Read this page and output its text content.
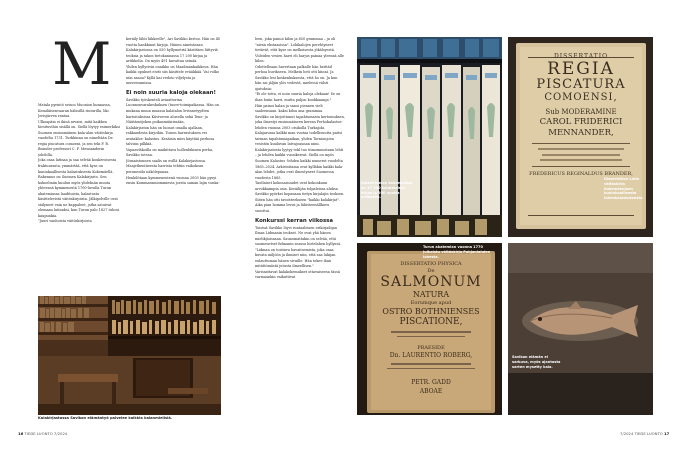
M

Matala pyrintö seisoo Muonion kunnassa, Kemiläisenvaaran hälssillä riuturilla, liki Jerisjärven rantaa.

Ulkoapäin ei ikinä arvaisi, mitä kaikkea hirsituvihin sisällä on. Siellä löytyy esimerkiksi Suomen ensimmäinen kala-alan väitöskirja vuodelta 1731. Turkkinna on nimeltään De regia piscatura comoeni, ja sen teki F. R. Brander professori C. F. Mennanderin johdolla.

Joka osaa latinaa ja saa selvää koukeroisesta fraktuurasta, ymmärtää, että kyse on kuninkaallisesta kalastuksesta Kokemäellä.

Rakennus on Suomen Kalakirjasto. Sen kokoelmiin kuuluu myös yhdeksän muuta yhteensä kymmenestä 1700-luvulla Turun akatemiassa laadituista, kalastusta käsittelevistä väitöskirjoista. Jälkipolville ovat säilyneet vain ne kappaleet, jotka satuivat olemaan latinaksi, kun Turun palo 1827 tuhosi kaupunkia.

"Juuri vanhoista väitöskirjoista

keräily lähti liikkeelle", Ari Savikko kertoo. Hän on 40 vuotta hankkinut kirjoja. Hänen aineistoaan Kalakirjastossa on 550 hyllymetriä käsittäen liittyviä teoksia ja takon tietokannassa 17 200 kirjaa ja artikkelia. On myös 491 kuvattua seinää.

Yhden hyllyrivin onnikko on Maailmankaikkeus. Hän kaikki opukset eivät siis käsittele evääkkää. Vai volko niin sanoa? Kyllä kai vedoto viljelysta ja universumissa.

Ei noin suuria kaloja olekaan!

Savikko työskenteli aviaattorina Luonnonvarakeskuksen (tuore-toimipaikassa. Hän on mukana muun muassa kalatalon levinnetyydten kartoituksissa Kiiviveren alueella sekä Tene- ja Näätämöjoken poikasmäärissään.

Kalakirjaston hän on luonut omalla ajallaan, rakkaudesta kirjoihin. Toisen harrastuksen vei avataklos- kalastus. Kesäisin mies käyttää perhosa talvisin pilkkiä.

Vapaavihkoilla on maikittava hollenhikinen perha, Savikko toteaa.

Jöimaistonnen saalis on esillä Kalakirjastossa. Maajetkentäeesta harrista tehtiin vaikokean perunentla näkölepanaa.

Henkilötaan kymmenentenä vuonna 2003 hän pysyi ensin Kommaramiommiesta joesta saman lajin vonka-

Kalakirjastossa Savikon elämäntyö palvelee kaikkia kalanmielisiä.
16 TIEDE LUONTO 7/2024

leen, joka painoi kilon ja 650 grammaa – ja oli "aivan ekstaasissa". Lohikalojen perehtyneet tietävät, että kyse on melkoisesta jökälsyestä. Viileiden vesien harri eli harjus painaa yleensä alle kilon.

Odottelleaan havertaan palkalle hän heittäil perhoa huvikseen. Melkein heti otti kiinni. Ja Savikko lesi koskenkuksesta, että ho on. Ja kun hän sai jäljän ylös vedestä, mielessä välsti ajatuksia:

"Ei ole totta, ei noin suuria kaloja olekaan! Se on ihan huiin harri, mutta paljon kookkaampi."

Hän painoi kalan ja sanoi piennen vieli saaleensaan. kaksi kiloa ana grammaa.

Savikko on kirjoittanut tapahtumasta kertomuksen, joka ilmestyi ensimmäiseen kerran Perhokalastus-lehden vuonna 2003 otsikolla Turkajoki. Kalajarussa kalkki mau vuotaa todellisuutta paitsi tarinan tapahtumapaikan, yhden Tornionjoen vesistön kuuluvan latvajoaunan nimi.

Kalakirjastosta lyytyy tokl tuo tiimomnustann lehti – ja lehden kaikki vuosikerrat. Siellä on myös Suomen Kalastus -lehden kaikki numerot vuodelta 1865–2024. Arkistoitaina ovat kylläkin kaikki kala-alan lehdet, jotka ovat ilmestyneet Suomessa vuodesta 1865.

Taotlaiset kokonaisuudet ovat kokonkuun arvokkaimpia osia. Keräilijän tolpaleissa aluksa Savikko pyörkei kopanaan tietyn kirjalajin teoksen. Siiten hän otti tavoitteekseen "kaikki kalakirjat". Aika pian homma levisi ja lähisteenällkuvu suosttui.

Konkurssi kerran viikossa

Toistuä Savikko löyvi runtaaleisen erikirjailijan Ilmas Lidmanin teokset. Ne ovat yhä hänen mielikjioissaan. Saunomattakin on selvää, että suomenetset fidmanin seassa hirtelahen hyllyssä.

"Lidman on toistava havaitsemista, joka osaa kuvata miljöön ja ihmiset niin, että saa lukijan eulauttuman hänen sivuille. Hän tekee ihan mitättömästä jutusta ilmeellisen."

Varissattavat kalakokemukset ottavaiseesa tässä varmaankin vaikuttivat

Kalakirjaston kokoelmissa on 17 200 kalatalaista kirjaa ja 950 vuotta artikkelia.
DISSERTATIO
REGIA
PISCATURA
COMOENSI,
Sub MODERAMINE
CAROL FRIDERICI
MENNANDER,
FREDERICUS REGINALDUS BRANDER,
Dissertation Latin väitöskirja Kokemäenjoen kuninkaallisesta lohenkalastuksesta.
DISSERTATIO PHYSICA
De
SALMONUM
NATURA
Eorumque apud
OSTRO BOTHNIENSES
PISCATIONE,
PRAESIDE
Dn. LAURENTIO ROBERG,
PETR. GADD
ABOAE
Turun akatemian vuonna 1770 julkaistu väitöskirja Pohjanlahden lohesta.
Savikon elämän ei sarkuva, myös ajantasta sarten mysetty kala.
7/2024 TIEDE LUONTO 17
